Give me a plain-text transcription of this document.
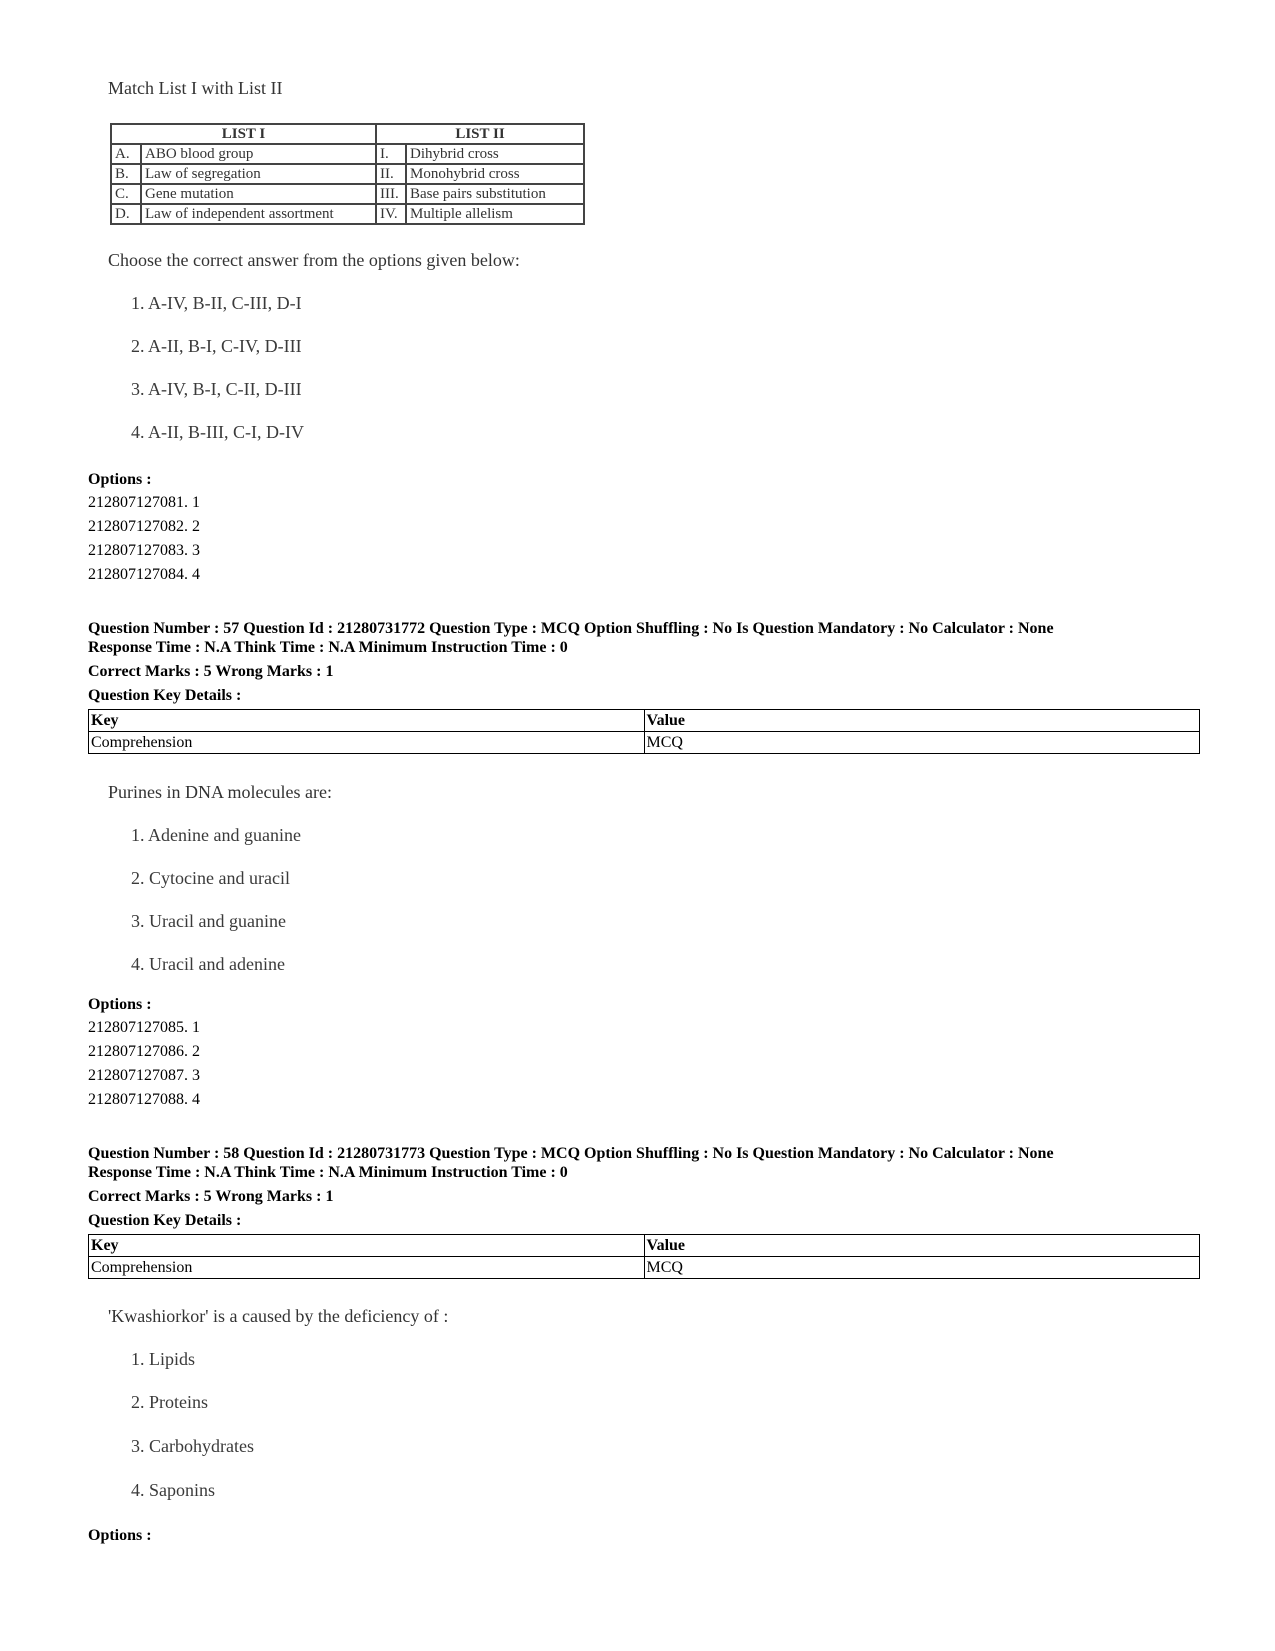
Match List I with List II
LIST I		LIST II	
A.	ABO blood group	I.	Dihybrid cross
B.	Law of segregation	II.	Monohybrid cross
C.	Gene mutation	III.	Base pairs substitution
D.	Law of independent assortment	IV.	Multiple allelism
Choose the correct answer from the options given below:
1. A-IV, B-II, C-III, D-I
2. A-II, B-I, C-IV, D-III
3. A-IV, B-I, C-II, D-III
4. A-II, B-III, C-I, D-IV
Options :
212807127081. 1
212807127082. 2
212807127083. 3
212807127084. 4
Question Number : 57 Question Id : 21280731772 Question Type : MCQ Option Shuffling : No Is Question Mandatory : No Calculator : None
Response Time : N.A Think Time : N.A Minimum Instruction Time : 0
Correct Marks : 5 Wrong Marks : 1
Question Key Details :
Key	Value
Comprehension	MCQ
Purines in DNA molecules are:
1. Adenine and guanine
2. Cytocine and uracil
3. Uracil and guanine
4. Uracil and adenine
Options :
212807127085. 1
212807127086. 2
212807127087. 3
212807127088. 4
Question Number : 58 Question Id : 21280731773 Question Type : MCQ Option Shuffling : No Is Question Mandatory : No Calculator : None
Response Time : N.A Think Time : N.A Minimum Instruction Time : 0
Correct Marks : 5 Wrong Marks : 1
Question Key Details :
Key	Value
Comprehension	MCQ
'Kwashiorkor' is a caused by the deficiency of :
1. Lipids
2. Proteins
3. Carbohydrates
4. Saponins
Options :
